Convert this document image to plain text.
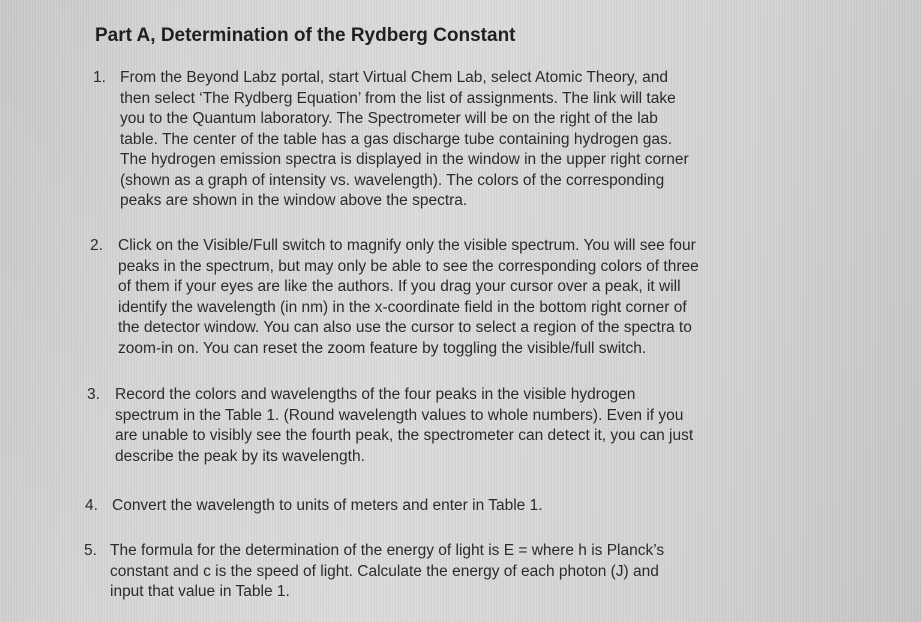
Part A, Determination of the Rydberg Constant
1. From the Beyond Labz portal, start Virtual Chem Lab, select Atomic Theory, and
then select ‘The Rydberg Equation’ from the list of assignments. The link will take
you to the Quantum laboratory. The Spectrometer will be on the right of the lab
table. The center of the table has a gas discharge tube containing hydrogen gas.
The hydrogen emission spectra is displayed in the window in the upper right corner
(shown as a graph of intensity vs. wavelength). The colors of the corresponding
peaks are shown in the window above the spectra.
2. Click on the Visible/Full switch to magnify only the visible spectrum. You will see four
peaks in the spectrum, but may only be able to see the corresponding colors of three
of them if your eyes are like the authors. If you drag your cursor over a peak, it will
identify the wavelength (in nm) in the x-coordinate field in the bottom right corner of
the detector window. You can also use the cursor to select a region of the spectra to
zoom-in on. You can reset the zoom feature by toggling the visible/full switch.
3. Record the colors and wavelengths of the four peaks in the visible hydrogen
spectrum in the Table 1. (Round wavelength values to whole numbers). Even if you
are unable to visibly see the fourth peak, the spectrometer can detect it, you can just
describe the peak by its wavelength.
4. Convert the wavelength to units of meters and enter in Table 1.
5. The formula for the determination of the energy of light is E = where h is Planck’s
constant and c is the speed of light. Calculate the energy of each photon (J) and
input that value in Table 1.
